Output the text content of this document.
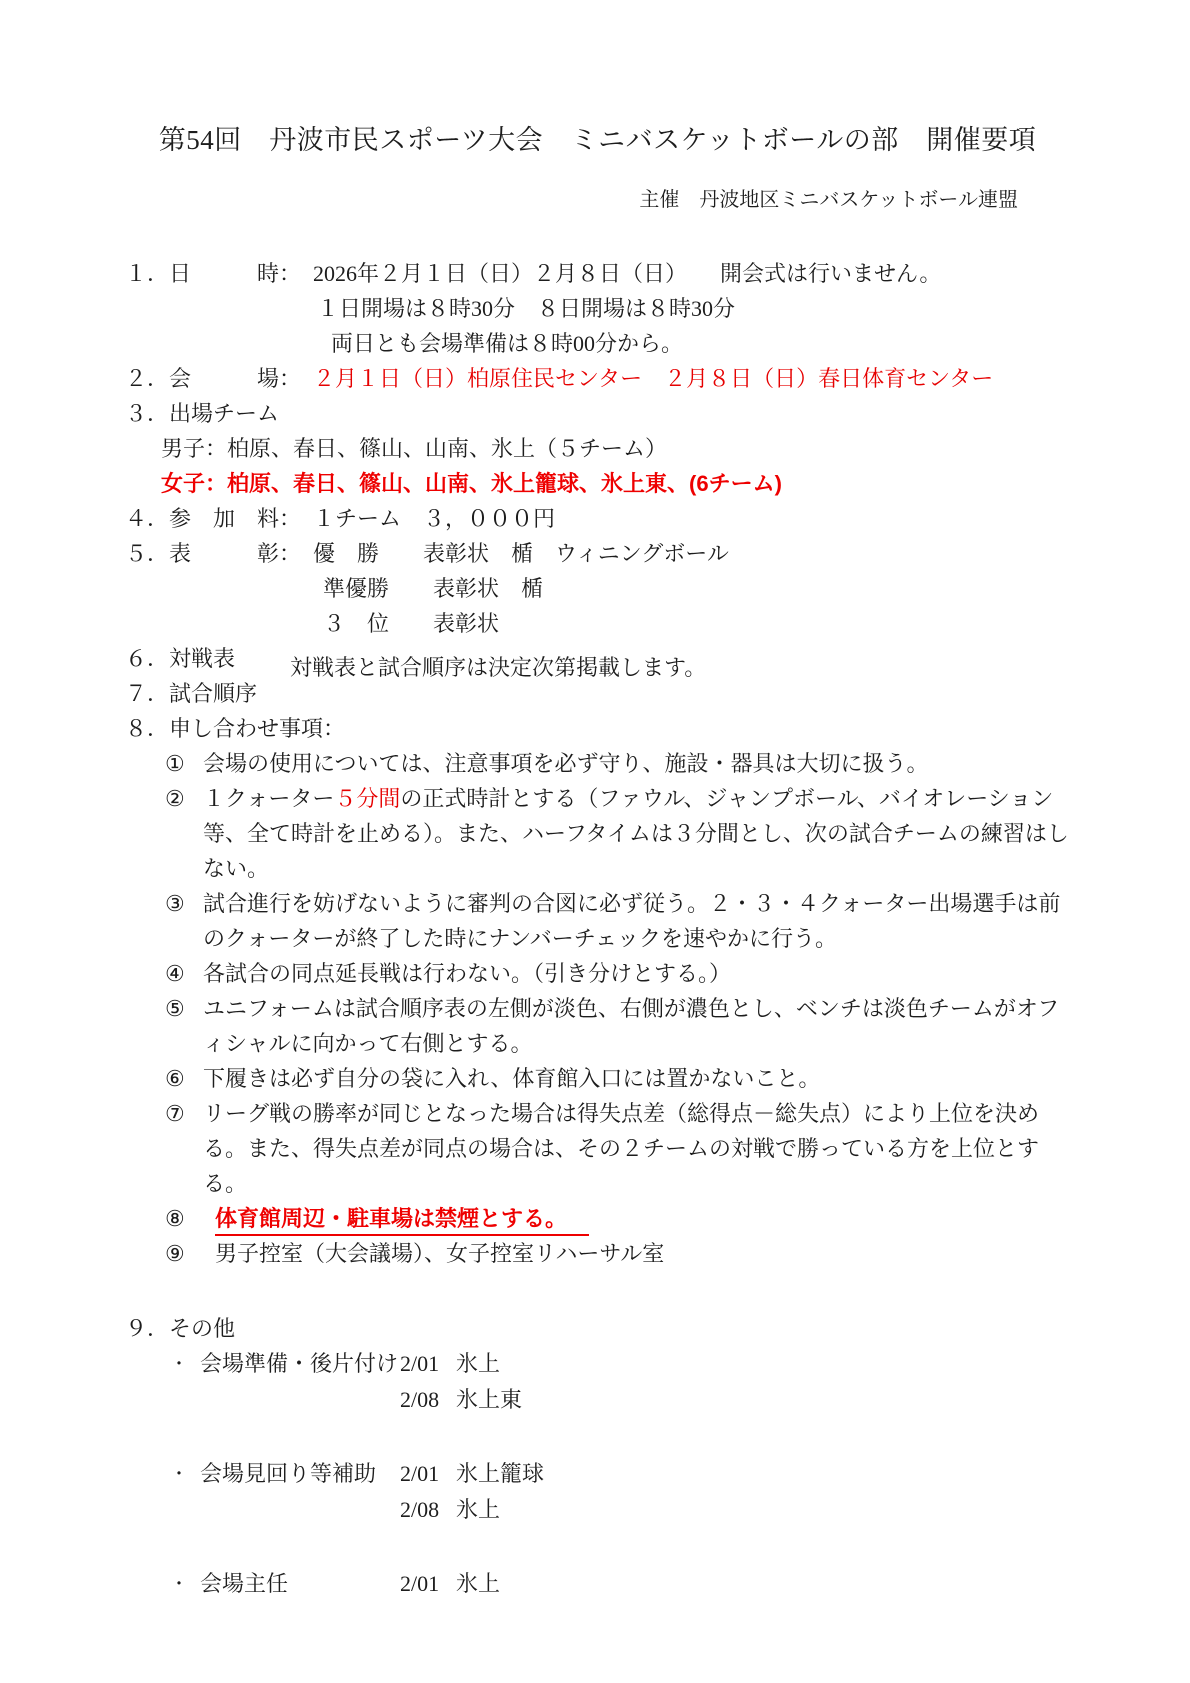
第54回　丹波市民スポーツ大会　ミニバスケットボールの部　開催要項
主催　丹波地区ミニバスケットボール連盟
１．日　　　時： 2026年２月１日（日）２月８日（日）　　開会式は行いません。
１日開場は８時30分　８日開場は８時30分
両日とも会場準備は８時00分から。
２．会　　　場： ２月１日（日）柏原住民センター　２月８日（日）春日体育センター
３．出場チーム
男子：柏原、春日、篠山、山南、氷上（５チーム）
女子：柏原、春日、篠山、山南、氷上籠球、氷上東、(6チーム)
４．参　加　料： １チーム　３，０００円
５．表　　　彰： 優　勝　　表彰状　楯　ウィニングボール
準優勝　　表彰状　楯
３　位　　表彰状
６．対戦表	対戦表と試合順序は決定次第掲載します。
７．試合順序
８．申し合わせ事項：
① 会場の使用については、注意事項を必ず守り、施設・器具は大切に扱う。
② １クォーター５分間の正式時計とする（ファウル、ジャンプボール、バイオレーション等、全て時計を止める）。また、ハーフタイムは３分間とし、次の試合チームの練習はしない。
③ 試合進行を妨げないように審判の合図に必ず従う。２・３・４クォーター出場選手は前のクォーターが終了した時にナンバーチェックを速やかに行う。
④ 各試合の同点延長戦は行わない。（引き分けとする。）
⑤ ユニフォームは試合順序表の左側が淡色、右側が濃色とし、ベンチは淡色チームがオフィシャルに向かって右側とする。
⑥ 下履きは必ず自分の袋に入れ、体育館入口には置かないこと。
⑦ リーグ戦の勝率が同じとなった場合は得失点差（総得点－総失点）により上位を決める。また、得失点差が同点の場合は、その２チームの対戦で勝っている方を上位とする。
⑧ 体育館周辺・駐車場は禁煙とする。
⑨ 男子控室（大会議場）、女子控室リハーサル室
９．その他
・ 会場準備・後片付け 2/01 氷上
2/08 氷上東
・ 会場見回り等補助	2/01 氷上籠球
2/08 氷上
・ 会場主任	2/01 氷上
